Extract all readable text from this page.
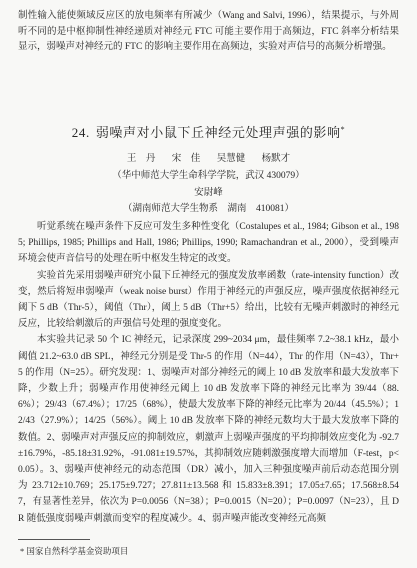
制性输入能使频域反应区的放电频率有所减少（Wang and Salvi, 1996），结果提示，与外周听不同的是中枢抑制性神经递质对神经元 FTC 可能主要作用于高频边，FTC 斜率分析结果显示，弱噪声对神经元的 FTC 的影响主要作用在高频边，实验对声信号的高频分析增强。
24. 弱噪声对小鼠下丘神经元处理声强的影响*
王　丹 宋　佳 吴慧健 杨默才
（华中师范大学生命科学学院，武汉 430079）
安尉峰
（湖南师范大学生物系　湖南　410081）

听觉系统在噪声条件下反应可发生多种性变化（Costalupes et al., 1984; Gibson et al., 1985; Phillips, 1985; Phillips and Hall, 1986; Phillips, 1990; Ramachandran et al., 2000），受到噪声环境会使声音信号的处理在听中枢发生特定的改变。

实验首先采用弱噪声研究小鼠下丘神经元的强度发放率函数（rate-intensity function）改变，然后将短串弱噪声（weak noise burst）作用于神经元的声强反应，噪声强度依据神经元阈下 5 dB（Thr-5），阈值（Thr），阈上 5 dB（Thr+5）给出，比较有无噪声刺激时的神经元反应，比较给刺激后的声强信号处理的强度变化。

本实验共记录 50 个 IC 神经元，记录深度 299~2034 μm，最佳频率 7.2~38.1 kHz，最小阈值 21.2~63.0 dB SPL，神经元分别是受 Thr-5 的作用（N=44），Thr 的作用（N=43），Thr+5 的作用（N=25）。研究发现：1、弱噪声对部分神经元的阈上 10 dB 发放率和最大发放率下降，少数上升；弱噪声作用使神经元阈上 10 dB 发放率下降的神经元比率为 39/44（88.6%）；29/43（67.4%）；17/25（68%），使最大发放率下降的神经元比率为 20/44（45.5%）；12/43（27.9%）；14/25（56%）。阈上 10 dB 发放率下降的神经元数均大于最大发放率下降的数值。2、弱噪声对声强反应的抑制效应，刺激声上弱噪声强度的平均抑制效应变化为 -92.7±16.79%，-85.18±31.92%，-91.081±19.57%，其抑制效应随刺激强度增大而增加（F-test，p<0.05）。3、弱噪声使神经元的动态范围（DR）减小，加入三种强度噪声前后动态范围分别为 23.712±10.769；25.175±9.727；27.811±13.568 和 15.833±8.391；17.05±7.65；17.568±8.547，有显著性差异，依次为 P=0.0056（N=38）；P=0.0015（N=20）；P=0.0097（N=23），且 DR 随低强度弱噪声刺激而变窄的程度减少。4、弱声噪声能改变神经元高频

* 国家自然科学基金资助项目
